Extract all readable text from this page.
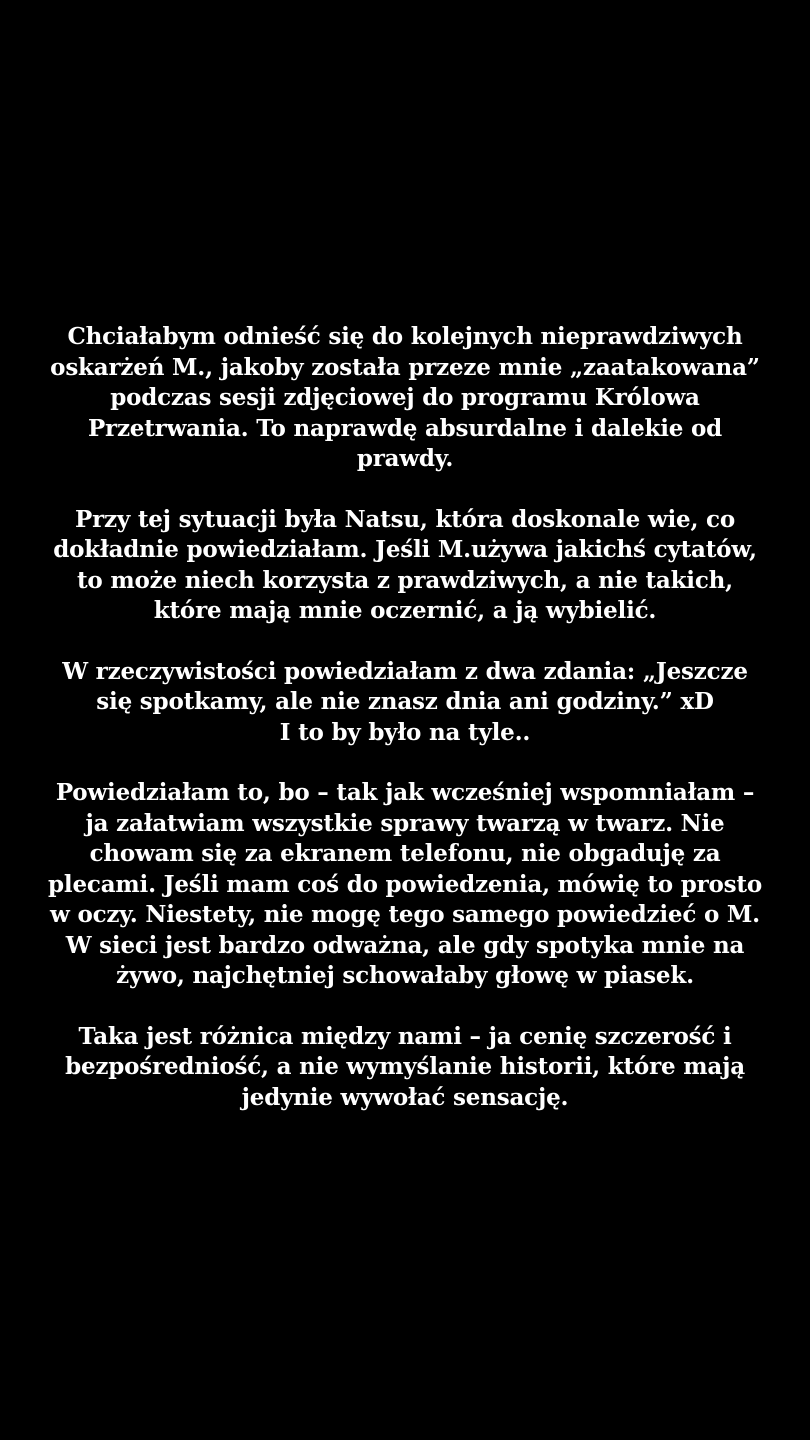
Chciałabym odnieść się do kolejnych nieprawdziwych
oskarżeń M., jakoby została przeze mnie „zaatakowana”
podczas sesji zdjęciowej do programu Królowa
Przetrwania. To naprawdę absurdalne i dalekie od
prawdy.

Przy tej sytuacji była Natsu, która doskonale wie, co
dokładnie powiedziałam. Jeśli M.używa jakichś cytatów,
to może niech korzysta z prawdziwych, a nie takich,
które mają mnie oczernić, a ją wybielić.

W rzeczywistości powiedziałam z dwa zdania: „Jeszcze
się spotkamy, ale nie znasz dnia ani godziny.” xD
I to by było na tyle..

Powiedziałam to, bo – tak jak wcześniej wspomniałam –
ja załatwiam wszystkie sprawy twarzą w twarz. Nie
chowam się za ekranem telefonu, nie obgaduję za
plecami. Jeśli mam coś do powiedzenia, mówię to prosto
w oczy. Niestety, nie mogę tego samego powiedzieć o M.
W sieci jest bardzo odważna, ale gdy spotyka mnie na
żywo, najchętniej schowałaby głowę w piasek.

Taka jest różnica między nami – ja cenię szczerość i
bezpośredniość, a nie wymyślanie historii, które mają
jedynie wywołać sensację.
